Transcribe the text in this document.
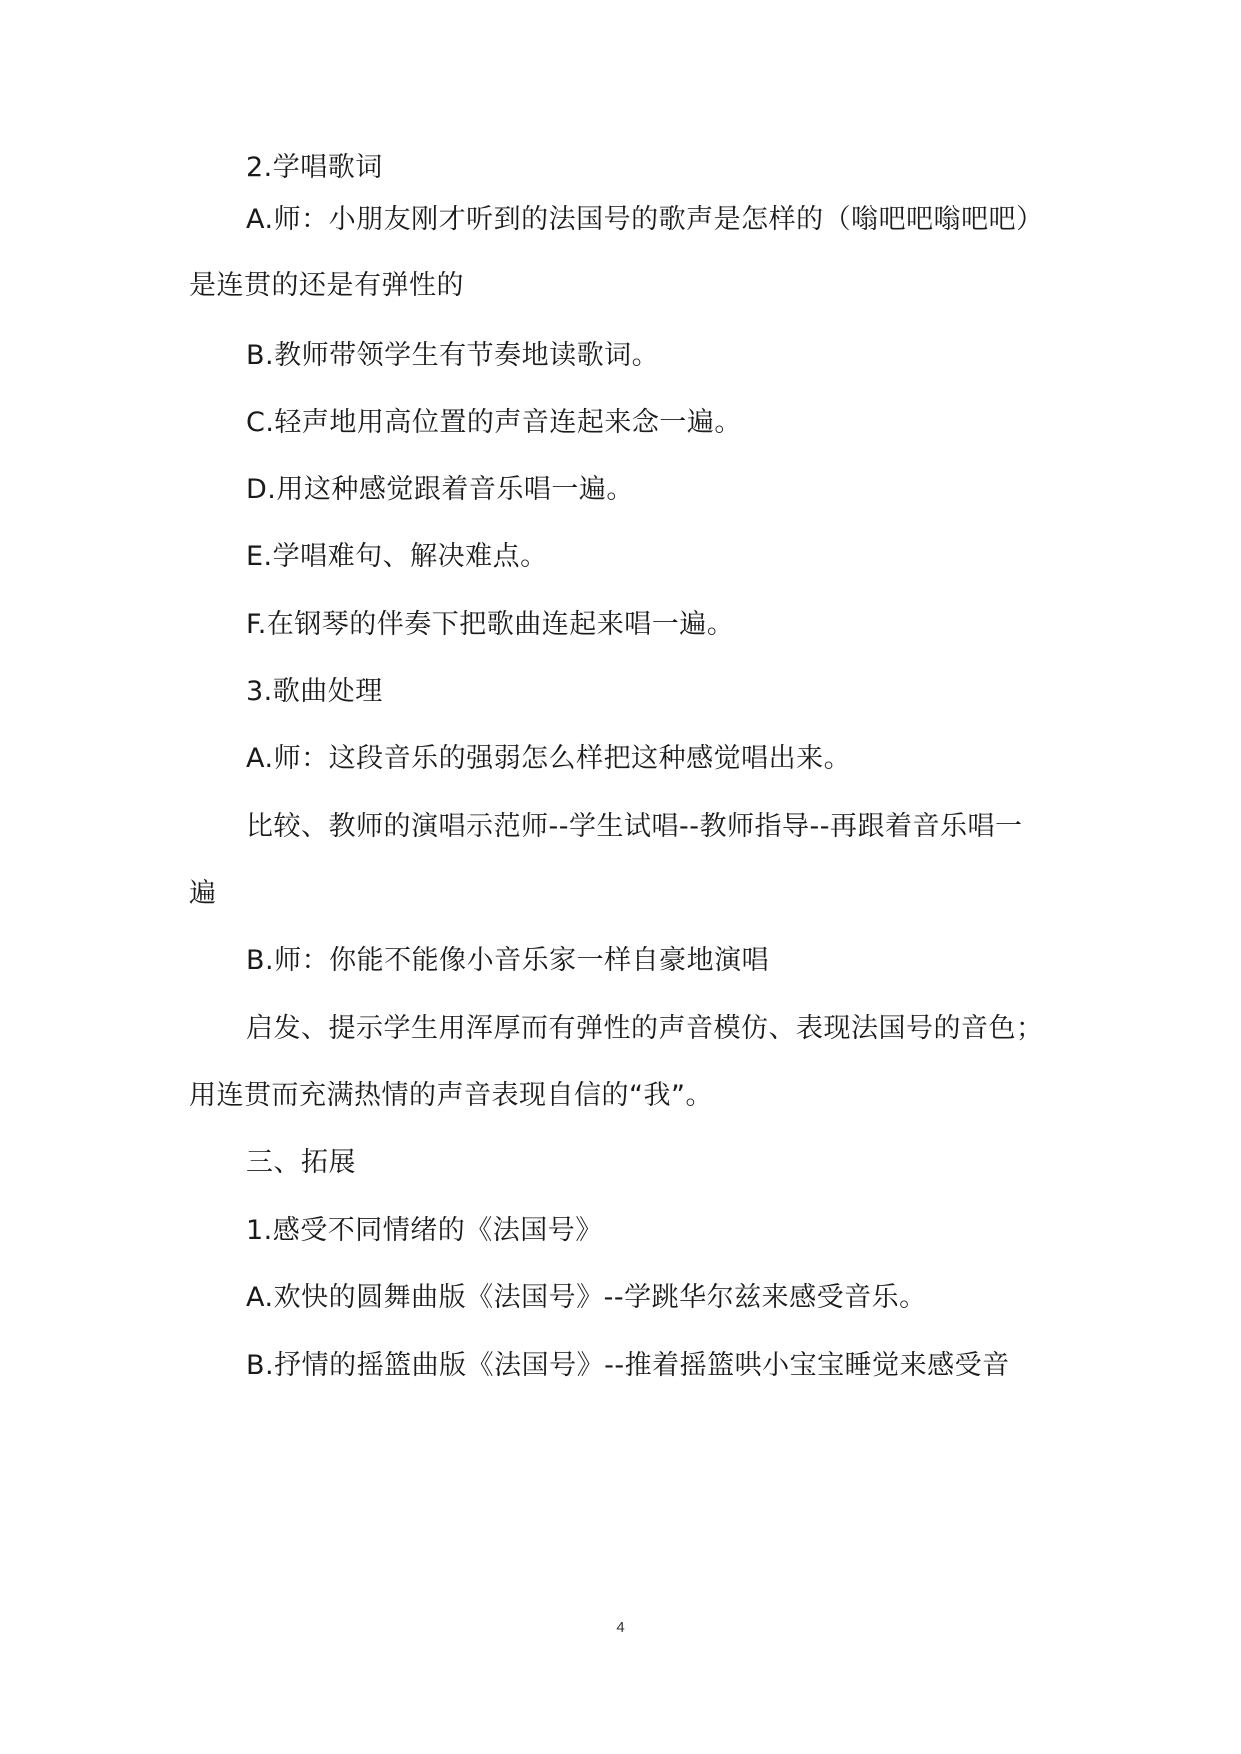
2.学唱歌词
A.师：小朋友刚才听到的法国号的歌声是怎样的（嗡吧吧嗡吧吧）
是连贯的还是有弹性的
B.教师带领学生有节奏地读歌词。
C.轻声地用高位置的声音连起来念一遍。
D.用这种感觉跟着音乐唱一遍。
E.学唱难句、解决难点。
F.在钢琴的伴奏下把歌曲连起来唱一遍。
3.歌曲处理
A.师：这段音乐的强弱怎么样把这种感觉唱出来。
比较、教师的演唱示范师--学生试唱--教师指导--再跟着音乐唱一
遍
B.师：你能不能像小音乐家一样自豪地演唱
启发、提示学生用浑厚而有弹性的声音模仿、表现法国号的音色；
用连贯而充满热情的声音表现自信的“我”。
三、拓展
1.感受不同情绪的《法国号》
A.欢快的圆舞曲版《法国号》--学跳华尔兹来感受音乐。
B.抒情的摇篮曲版《法国号》--推着摇篮哄小宝宝睡觉来感受音
4
